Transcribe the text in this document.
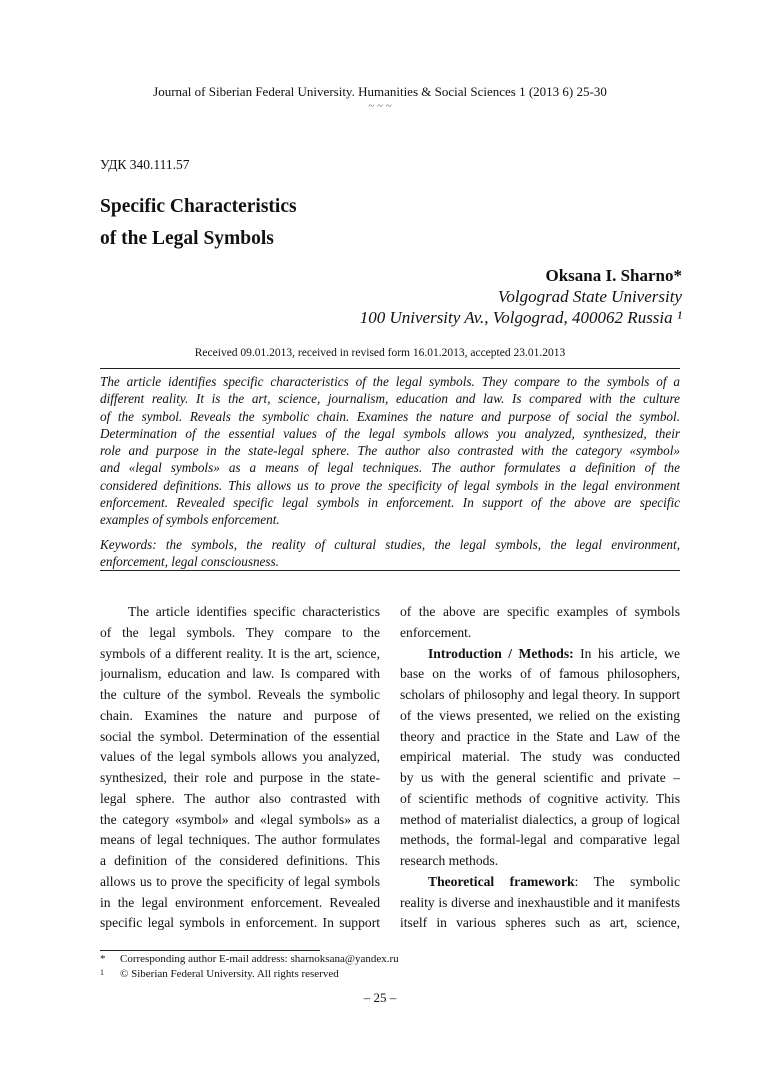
Journal of Siberian Federal University. Humanities & Social Sciences 1 (2013 6) 25-30
~ ~ ~
УДК 340.111.57
Specific Characteristics
of the Legal Symbols
Oksana I. Sharno*
Volgograd State University
100 University Av., Volgograd, 400062 Russia ¹
Received 09.01.2013, received in revised form 16.01.2013, accepted 23.01.2013
The article identifies specific characteristics of the legal symbols. They compare to the symbols of a
different reality. It is the art, science, journalism, education and law. Is compared with the culture
of the symbol. Reveals the symbolic chain. Examines the nature and purpose of social the symbol.
Determination of the essential values of the legal symbols allows you analyzed, synthesized, their
role and purpose in the state-legal sphere. The author also contrasted with the category «symbol»
and «legal symbols» as a means of legal techniques. The author formulates a definition of the
considered definitions. This allows us to prove the specificity of legal symbols in the legal environment
enforcement. Revealed specific legal symbols in enforcement. In support of the above are specific
examples of symbols enforcement.
Keywords: the symbols, the reality of cultural studies, the legal symbols, the legal environment,
enforcement, legal consciousness.
The article identifies specific characteristics
of the legal symbols. They compare to the
symbols of a different reality. It is the art, science,
journalism, education and law. Is compared with
the culture of the symbol. Reveals the symbolic
chain. Examines the nature and purpose of
social the symbol. Determination of the essential
values of the legal symbols allows you analyzed,
synthesized, their role and purpose in the state-
legal sphere. The author also contrasted with
the category «symbol» and «legal symbols» as a
means of legal techniques. The author formulates
a definition of the considered definitions. This
allows us to prove the specificity of legal symbols
in the legal environment enforcement. Revealed
specific legal symbols in enforcement. In support
of the above are specific examples of symbols
enforcement.
Introduction / Methods: In his article, we
base on the works of of famous philosophers,
scholars of philosophy and legal theory. In support
of the views presented, we relied on the existing
theory and practice in the State and Law of the
empirical material. The study was conducted
by us with the general scientific and private –
of scientific methods of cognitive activity. This
method of materialist dialectics, a group of logical
methods, the formal-legal and comparative legal
research methods.
Theoretical framework: The symbolic
reality is diverse and inexhaustible and it manifests
itself in various spheres such as art, science,
* Corresponding author E-mail address: sharnoksana@yandex.ru
1 © Siberian Federal University. All rights reserved
– 25 –
